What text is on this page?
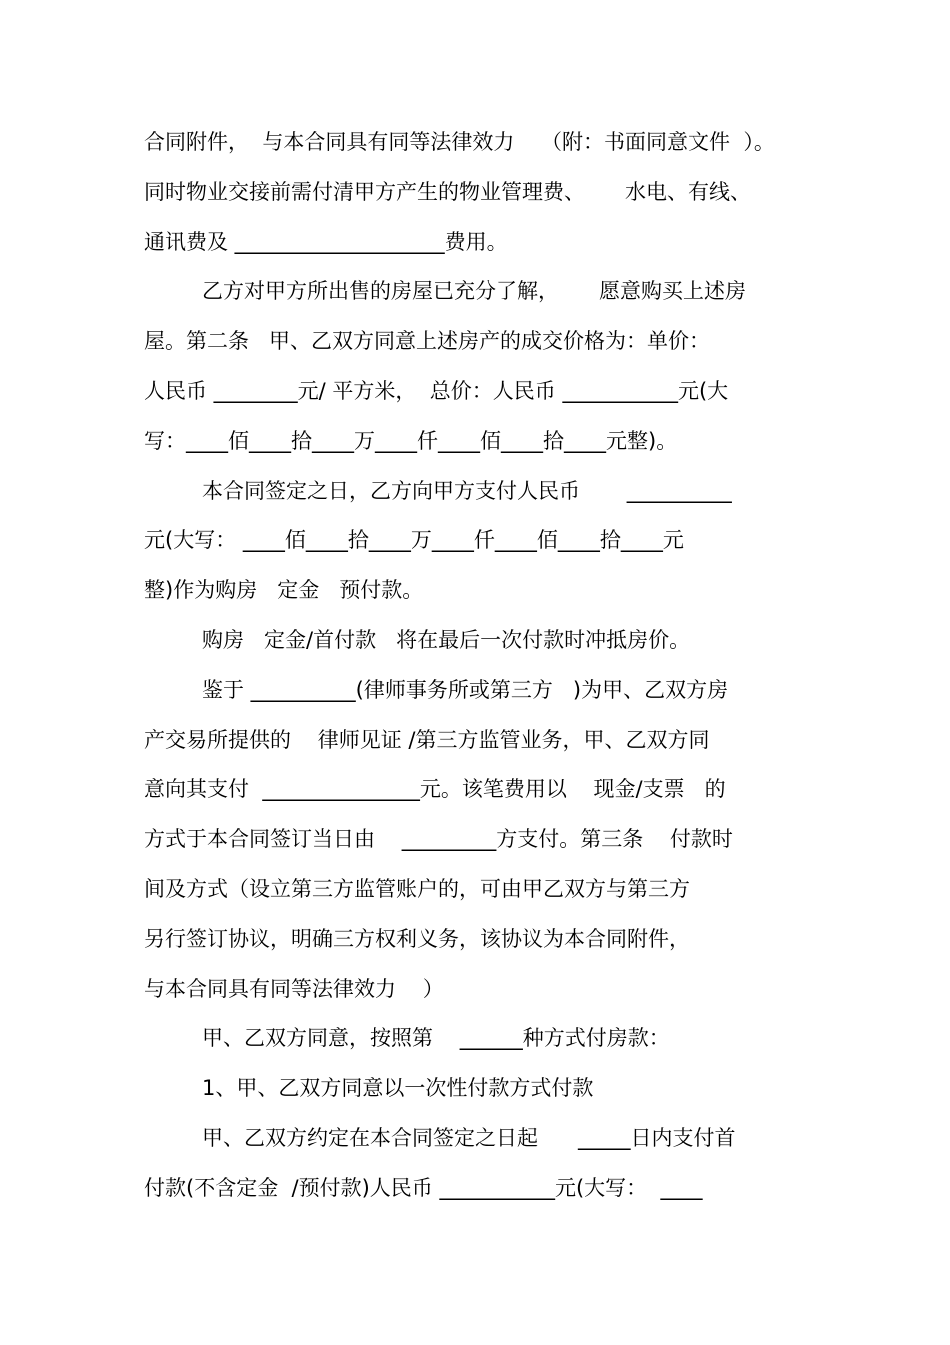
合同附件，  与本合同具有同等法律效力    （附：书面同意文件  ）。
同时物业交接前需付清甲方产生的物业管理费、      水电、有线、
通讯费及 ____________________费用。
乙方对甲方所出售的房屋已充分了解，      愿意购买上述房
屋。第二条   甲、乙双方同意上述房产的成交价格为：单价：
人民币 ________元/ 平方米，  总价：人民币 ___________元(大
写：____佰____拾____万____仟____佰____拾____元整)。
本合同签定之日，乙方向甲方支付人民币       __________
元(大写： ____佰____拾____万____仟____佰____拾____元
整)作为购房   定金   预付款。
购房   定金/首付款   将在最后一次付款时冲抵房价。
鉴于 __________(律师事务所或第三方   )为甲、乙双方房
产交易所提供的    律师见证 /第三方监管业务，甲、乙双方同
意向其支付  _______________元。该笔费用以    现金/支票   的
方式于本合同签订当日由    _________方支付。第三条    付款时
间及方式（设立第三方监管账户的，可由甲乙双方与第三方
另行签订协议，明确三方权利义务，该协议为本合同附件，
与本合同具有同等法律效力    ）
甲、乙双方同意，按照第    ______种方式付房款：
1、甲、乙双方同意以一次性付款方式付款
甲、乙双方约定在本合同签定之日起      _____日内支付首
付款(不含定金  /预付款)人民币 ___________元(大写：  ____
